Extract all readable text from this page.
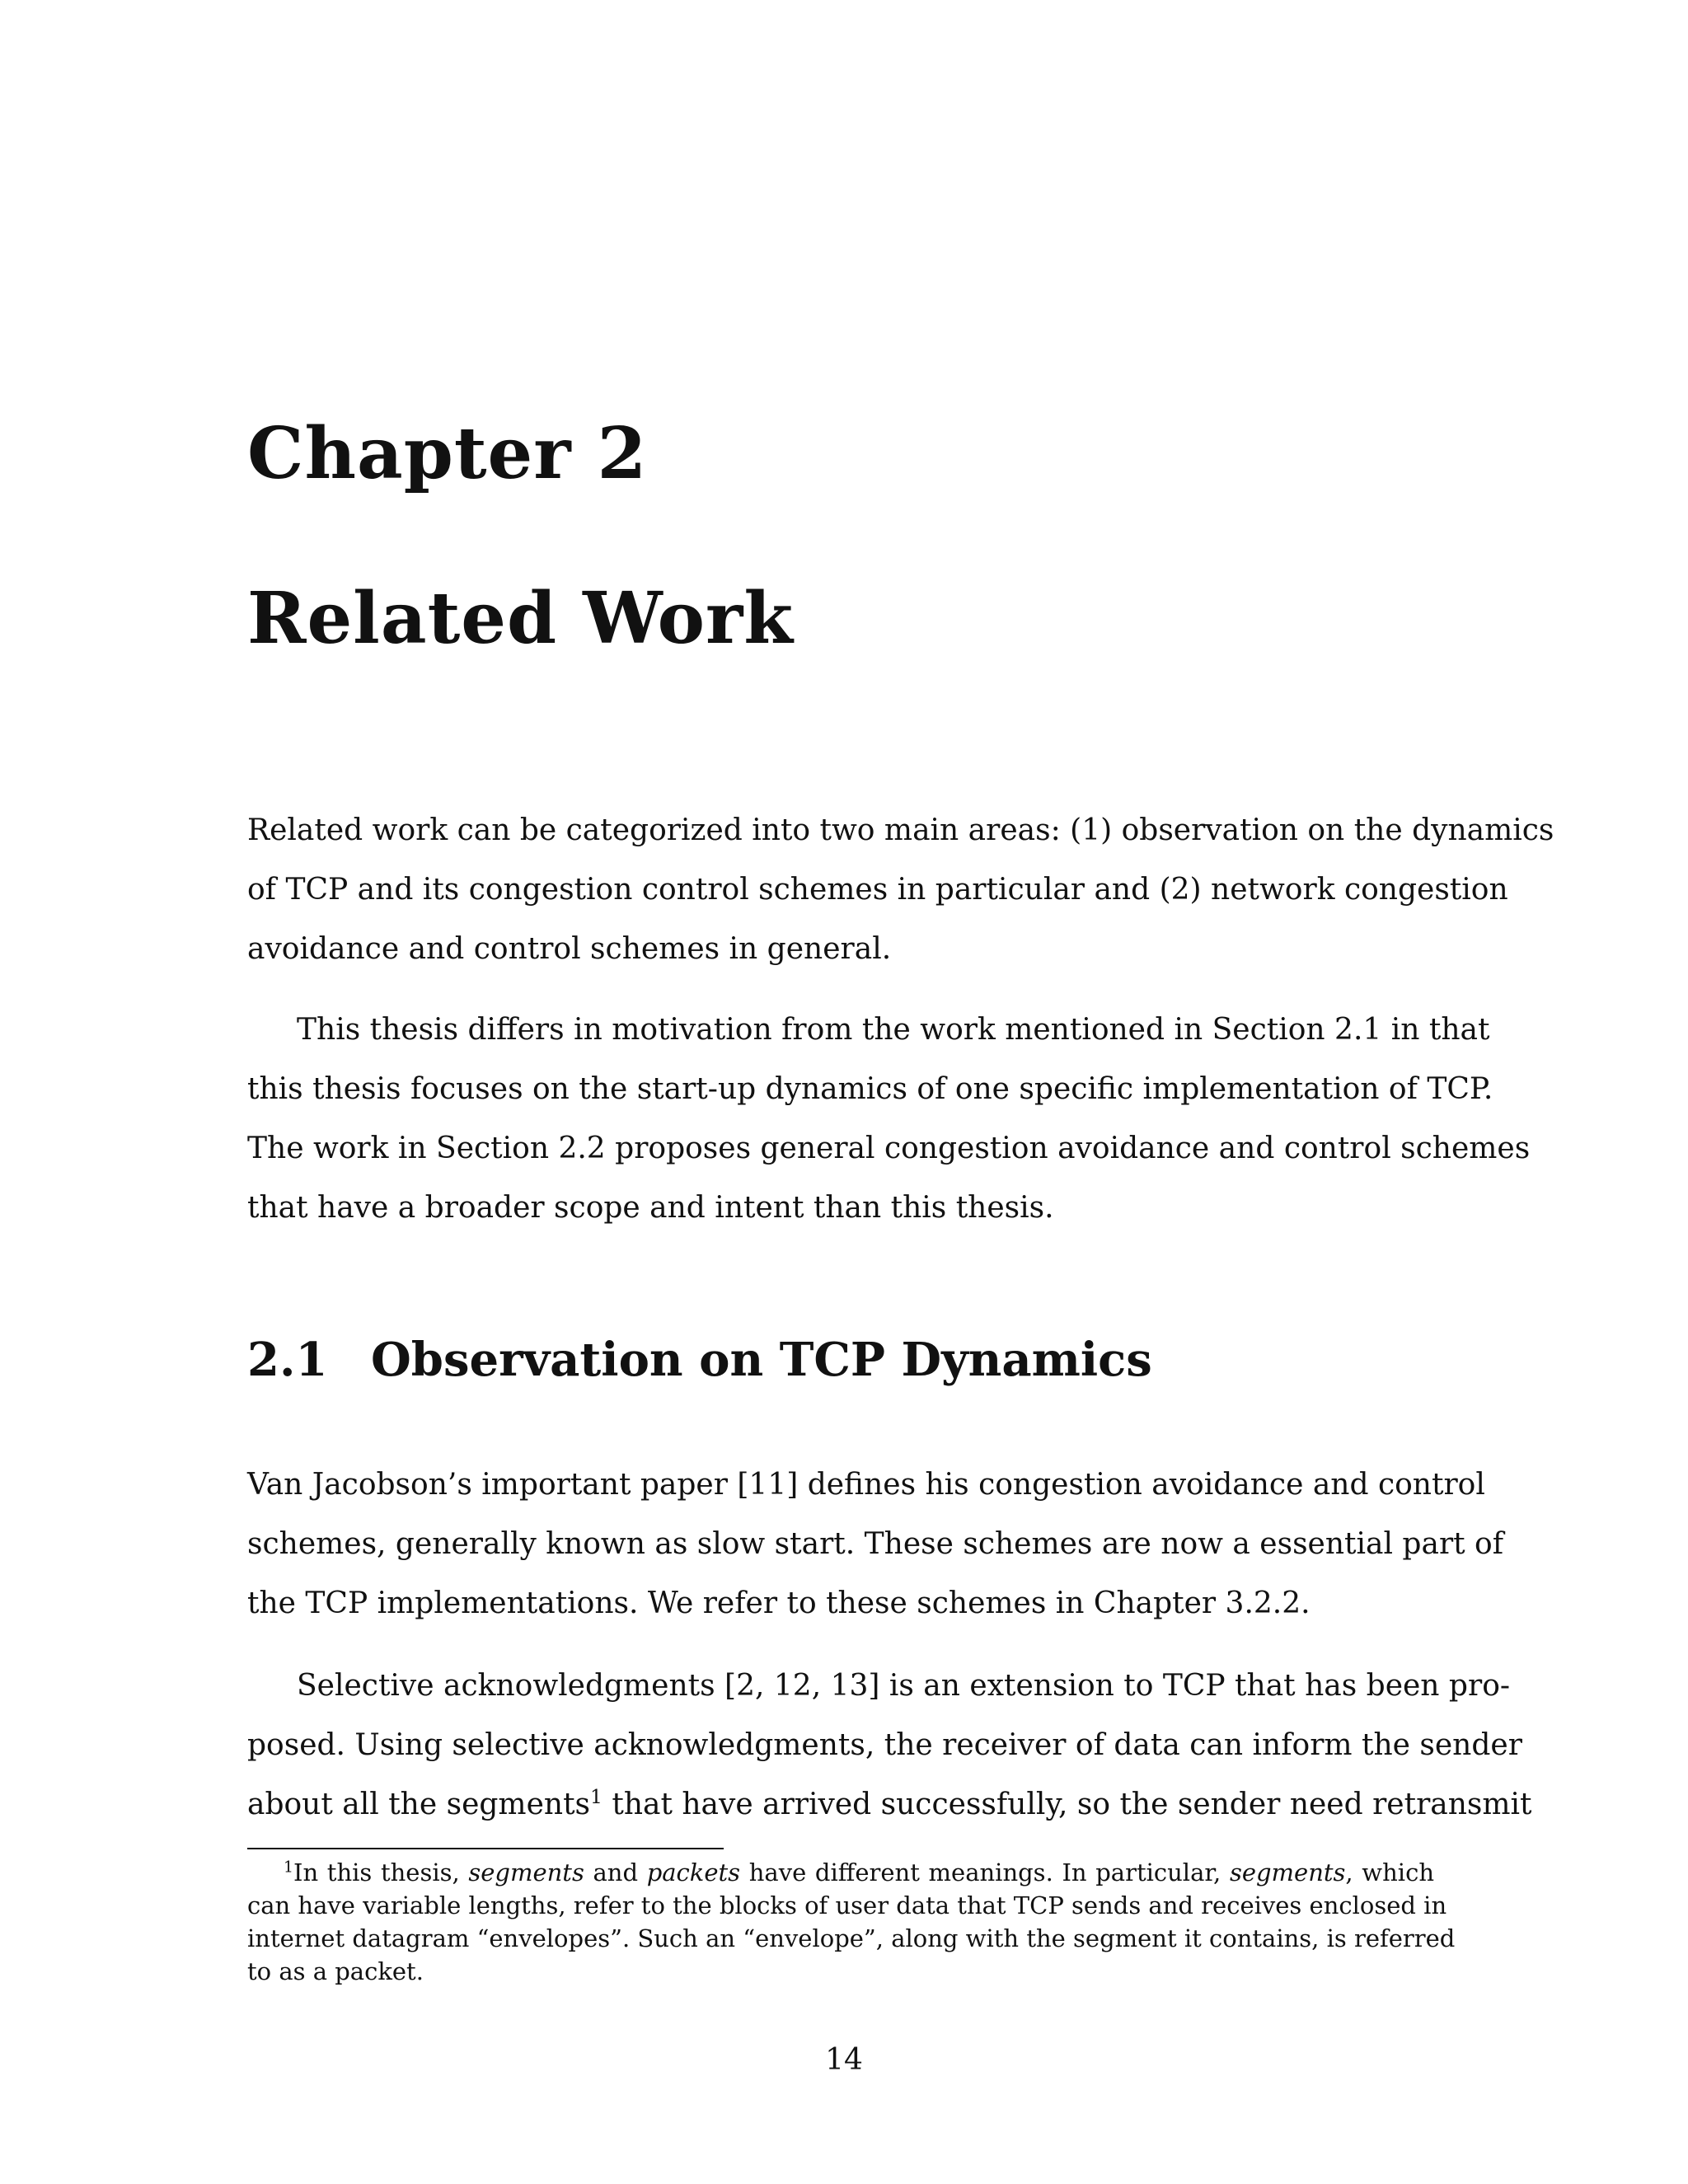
Chapter 2
Related Work
Related work can be categorized into two main areas: (1) observation on the dynamics
of TCP and its congestion control schemes in particular and (2) network congestion
avoidance and control schemes in general.
This thesis differs in motivation from the work mentioned in Section 2.1 in that
this thesis focuses on the start-up dynamics of one specific implementation of TCP.
The work in Section 2.2 proposes general congestion avoidance and control schemes
that have a broader scope and intent than this thesis.
2.1 Observation on TCP Dynamics
Van Jacobson’s important paper [11] defines his congestion avoidance and control
schemes, generally known as slow start. These schemes are now a essential part of
the TCP implementations. We refer to these schemes in Chapter 3.2.2.
Selective acknowledgments [2, 12, 13] is an extension to TCP that has been pro-
posed. Using selective acknowledgments, the receiver of data can inform the sender
about all the segments$^1$ that have arrived successfully, so the sender need retransmit
$^1$In this thesis, segments and packets have different meanings. In particular, segments, which
can have variable lengths, refer to the blocks of user data that TCP sends and receives enclosed in
internet datagram “envelopes”. Such an “envelope”, along with the segment it contains, is referred
to as a packet.
14
